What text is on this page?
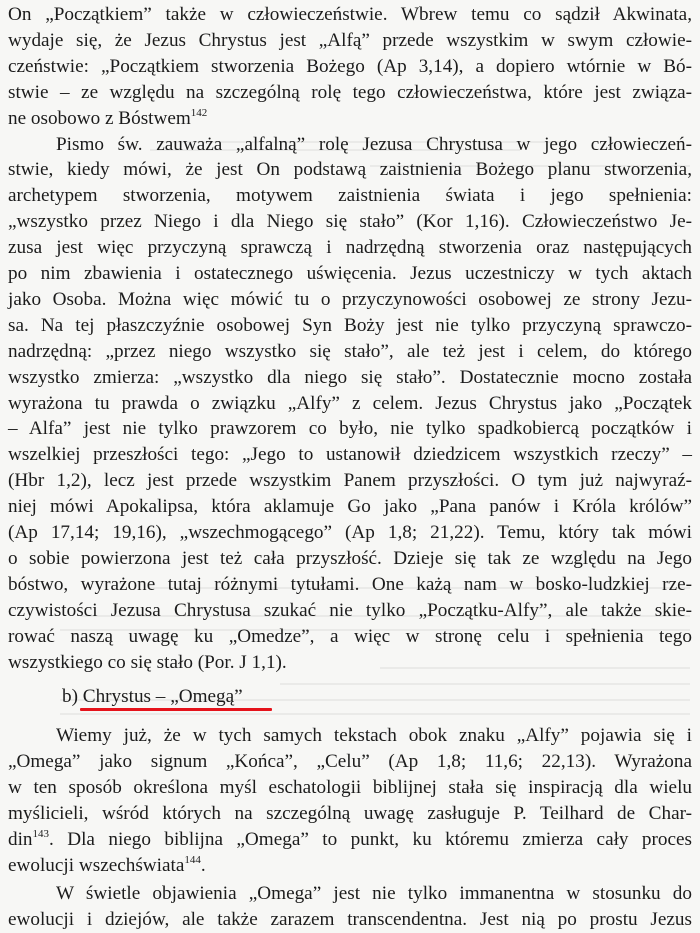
On „Początkiem” także w człowieczeństwie. Wbrew temu co sądził Akwinata,
wydaje się, że Jezus Chrystus jest „Alfą” przede wszystkim w swym człowie-
czeństwie: „Początkiem stworzenia Bożego (Ap 3,14), a dopiero wtórnie w Bó-
stwie – ze względu na szczególną rolę tego człowieczeństwa, które jest związa-
ne osobowo z Bóstwem$^{142}$
Pismo św. zauważa „alfalną” rolę Jezusa Chrystusa w jego człowieczeń-
stwie, kiedy mówi, że jest On podstawą zaistnienia Bożego planu stworzenia,
archetypem stworzenia, motywem zaistnienia świata i jego spełnienia:
„wszystko przez Niego i dla Niego się stało” (Kor 1,16). Człowieczeństwo Je-
zusa jest więc przyczyną sprawczą i nadrzędną stworzenia oraz następujących
po nim zbawienia i ostatecznego uświęcenia. Jezus uczestniczy w tych aktach
jako Osoba. Można więc mówić tu o przyczynowości osobowej ze strony Jezu-
sa. Na tej płaszczyźnie osobowej Syn Boży jest nie tylko przyczyną sprawczo-
nadrzędną: „przez niego wszystko się stało”, ale też jest i celem, do którego
wszystko zmierza: „wszystko dla niego się stało”. Dostatecznie mocno została
wyrażona tu prawda o związku „Alfy” z celem. Jezus Chrystus jako „Początek
– Alfa” jest nie tylko prawzorem co było, nie tylko spadkobiercą początków i
wszelkiej przeszłości tego: „Jego to ustanowił dziedzicem wszystkich rzeczy” –
(Hbr 1,2), lecz jest przede wszystkim Panem przyszłości. O tym już najwyraź-
niej mówi Apokalipsa, która aklamuje Go jako „Pana panów i Króla królów”
(Ap 17,14; 19,16), „wszechmogącego” (Ap 1,8; 21,22). Temu, który tak mówi
o sobie powierzona jest też cała przyszłość. Dzieje się tak ze względu na Jego
bóstwo, wyrażone tutaj różnymi tytułami. One każą nam w bosko-ludzkiej rze-
czywistości Jezusa Chrystusa szukać nie tylko „Początku-Alfy”, ale także skie-
rować naszą uwagę ku „Omedze”, a więc w stronę celu i spełnienia tego
wszystkiego co się stało (Por. J 1,1).
b) Chrystus – „Omegą”
Wiemy już, że w tych samych tekstach obok znaku „Alfy” pojawia się i
„Omega” jako signum „Końca”, „Celu” (Ap 1,8; 11,6; 22,13). Wyrażona
w ten sposób określona myśl eschatologii biblijnej stała się inspiracją dla wielu
myślicieli, wśród których na szczególną uwagę zasługuje P. Teilhard de Char-
din$^{143}$. Dla niego biblijna „Omega” to punkt, ku któremu zmierza cały proces
ewolucji wszechświata$^{144}$.
W świetle objawienia „Omega” jest nie tylko immanentna w stosunku do
ewolucji i dziejów, ale także zarazem transcendentna. Jest nią po prostu Jezus
